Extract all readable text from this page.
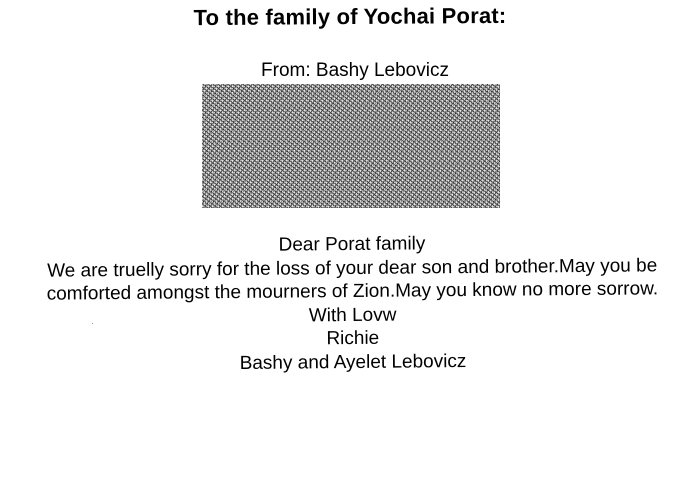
To the family of Yochai Porat:
From: Bashy Lebovicz
Dear Porat family
We are truelly sorry for the loss of your dear son and brother.May you be comforted amongst the mourners of Zion.May you know no more sorrow.
With Lovw
Richie
Bashy and Ayelet Lebovicz
